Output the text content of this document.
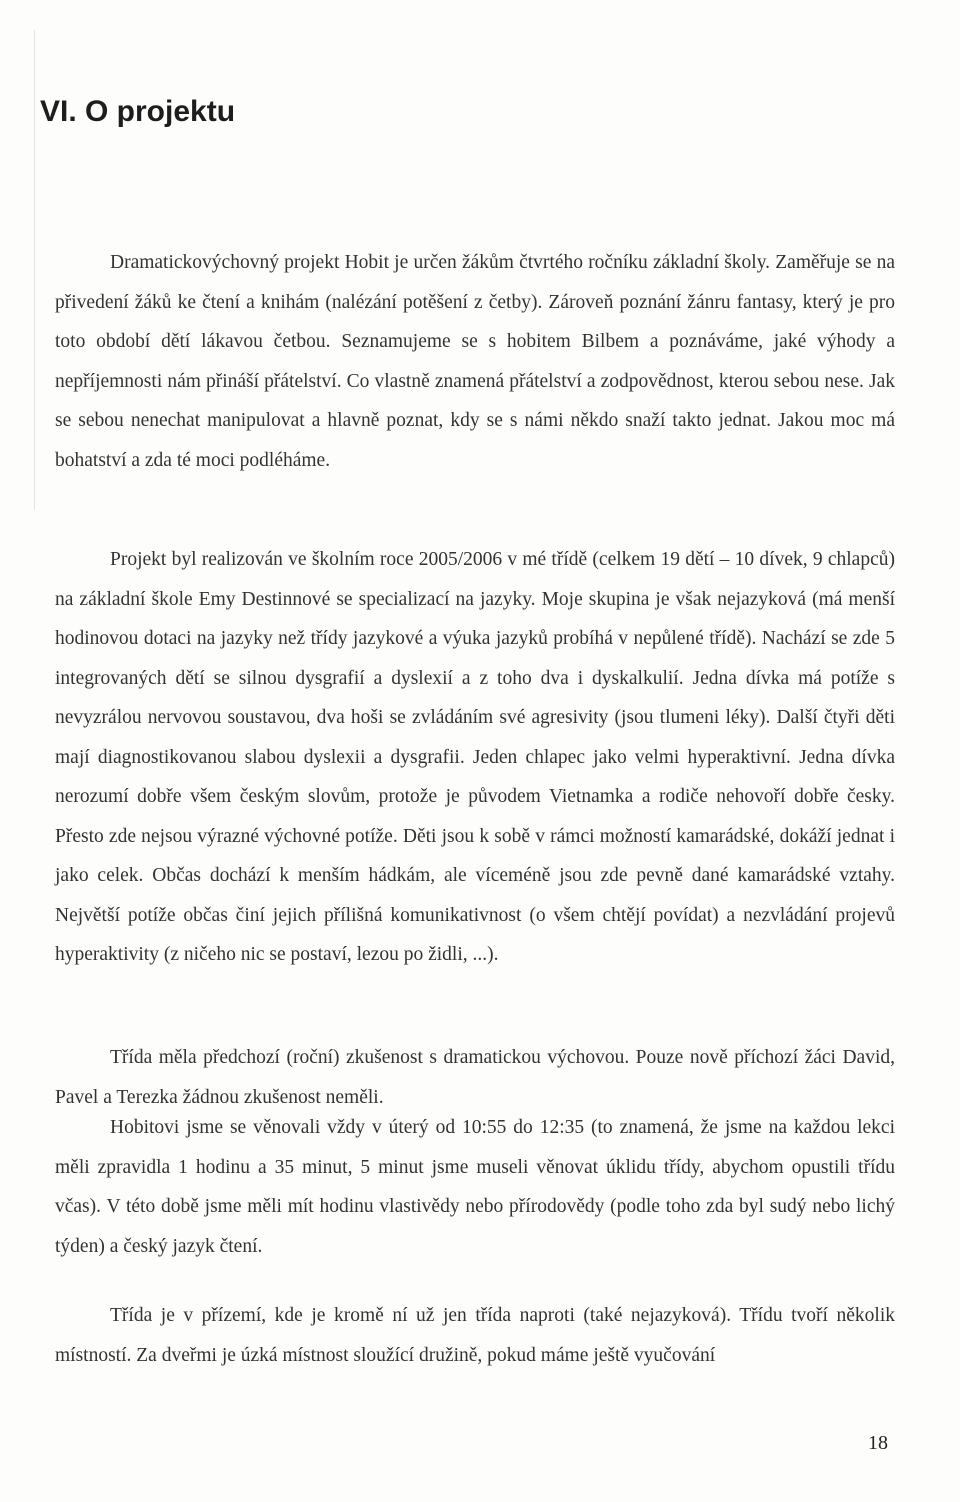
VI. O projektu

Dramatickovýchovný projekt Hobit je určen žákům čtvrtého ročníku základní školy. Zaměřuje se na přivedení žáků ke čtení a knihám (nalézání potěšení z četby). Zároveň poznání žánru fantasy, který je pro toto období dětí lákavou četbou. Seznamujeme se s hobitem Bilbem a poznáváme, jaké výhody a nepříjemnosti nám přináší přátelství. Co vlastně znamená přátelství a zodpovědnost, kterou sebou nese. Jak se sebou nenechat manipulovat a hlavně poznat, kdy se s námi někdo snaží takto jednat. Jakou moc má bohatství a zda té moci podléháme.

Projekt byl realizován ve školním roce 2005/2006 v mé třídě (celkem 19 dětí – 10 dívek, 9 chlapců) na základní škole Emy Destinnové se specializací na jazyky. Moje skupina je však nejazyková (má menší hodinovou dotaci na jazyky než třídy jazykové a výuka jazyků probíhá v nepůlené třídě). Nachází se zde 5 integrovaných dětí se silnou dysgrafií a dyslexií a z toho dva i dyskalkulií. Jedna dívka má potíže s nevyzrálou nervovou soustavou, dva hoši se zvládáním své agresivity (jsou tlumeni léky). Další čtyři děti mají diagnostikovanou slabou dyslexii a dysgrafii. Jeden chlapec jako velmi hyperaktivní. Jedna dívka nerozumí dobře všem českým slovům, protože je původem Vietnamka a rodiče nehovoří dobře česky. Přesto zde nejsou výrazné výchovné potíže. Děti jsou k sobě v rámci možností kamarádské, dokáží jednat i jako celek. Občas dochází k menším hádkám, ale víceméně jsou zde pevně dané kamarádské vztahy. Největší potíže občas činí jejich přílišná komunikativnost (o všem chtějí povídat) a nezvládání projevů hyperaktivity (z ničeho nic se postaví, lezou po židli, ...).

Třída měla předchozí (roční) zkušenost s dramatickou výchovou. Pouze nově příchozí žáci David, Pavel a Terezka žádnou zkušenost neměli.

Hobitovi jsme se věnovali vždy v úterý od 10:55 do 12:35 (to znamená, že jsme na každou lekci měli zpravidla 1 hodinu a 35 minut, 5 minut jsme museli věnovat úklidu třídy, abychom opustili třídu včas). V této době jsme měli mít hodinu vlastivědy nebo přírodovědy (podle toho zda byl sudý nebo lichý týden) a český jazyk čtení.

Třída je v přízemí, kde je kromě ní už jen třída naproti (také nejazyková). Třídu tvoří několik místností. Za dveřmi je úzká místnost sloužící družině, pokud máme ještě vyučování

18
